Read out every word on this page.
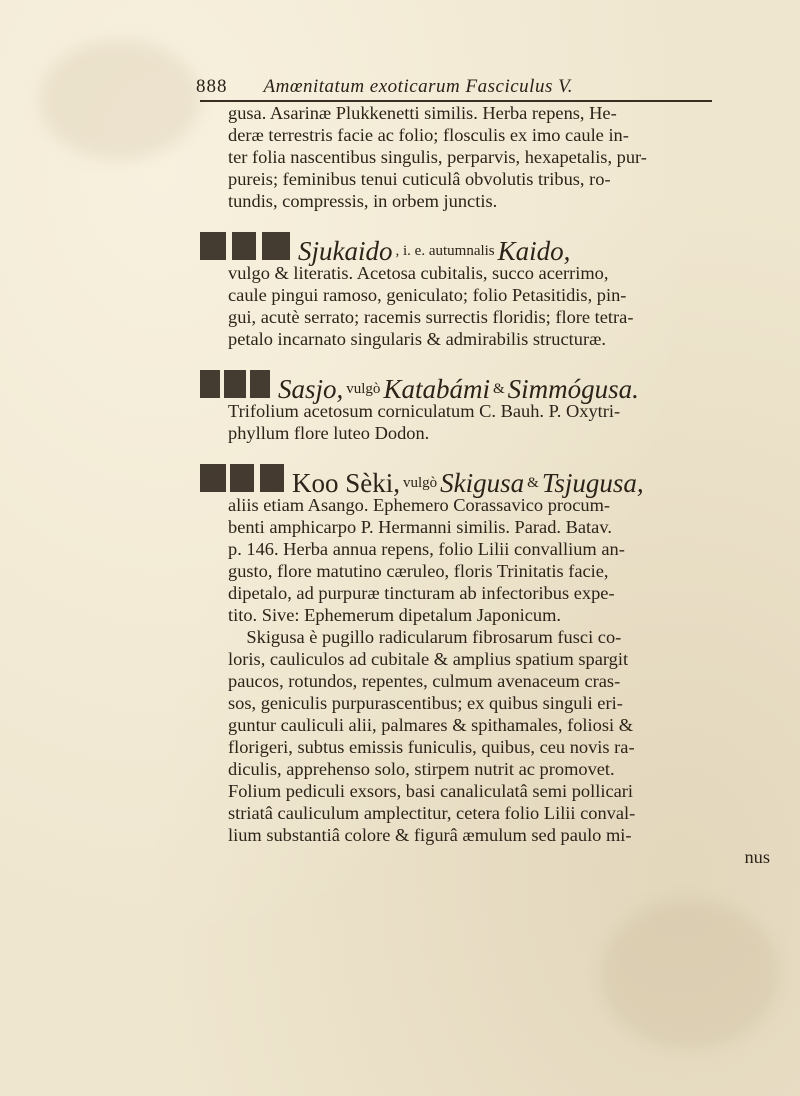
888 Amœnitatum exoticarum Fasciculus V.
gusa. Asarinæ Plukkenetti similis. Herba repens, He-
deræ terrestris facie ac folio; flosculis ex imo caule in-
ter folia nascentibus singulis, perparvis, hexapetalis, pur-
pureis; feminibus tenui cuticulâ obvolutis tribus, ro-
tundis, compressis, in orbem junctis.
Sjukaido , i. e. autumnalis Kaido,
vulgo & literatis. Acetosa cubitalis, succo acerrimo,
caule pingui ramoso, geniculato; folio Petasitidis, pin-
gui, acutè serrato; racemis surrectis floridis; flore tetra-
petalo incarnato singularis & admirabilis structuræ.
Sasjo, vulgò Katabámi & Simmógusa.
Trifolium acetosum corniculatum C. Bauh. P. Oxytri-
phyllum flore luteo Dodon.
Koo Sèki, vulgò Skigusa & Tsjugusa,
aliis etiam Asango. Ephemero Corassavico procum-
benti amphicarpo P. Hermanni similis. Parad. Batav.
p. 146. Herba annua repens, folio Lilii convallium an-
gusto, flore matutino cæruleo, floris Trinitatis facie,
dipetalo, ad purpuræ tincturam ab infectoribus expe-
tito. Sive: Ephemerum dipetalum Japonicum.
Skigusa è pugillo radicularum fibrosarum fusci co-
loris, cauliculos ad cubitale & amplius spatium spargit
paucos, rotundos, repentes, culmum avenaceum cras-
sos, geniculis purpurascentibus; ex quibus singuli eri-
guntur cauliculi alii, palmares & spithamales, foliosi &
florigeri, subtus emissis funiculis, quibus, ceu novis ra-
diculis, apprehenso solo, stirpem nutrit ac promovet.
Folium pediculi exsors, basi canaliculatâ semi pollicari
striatâ cauliculum amplectitur, cetera folio Lilii conval-
lium substantiâ colore & figurâ æmulum sed paulo mi-
nus
